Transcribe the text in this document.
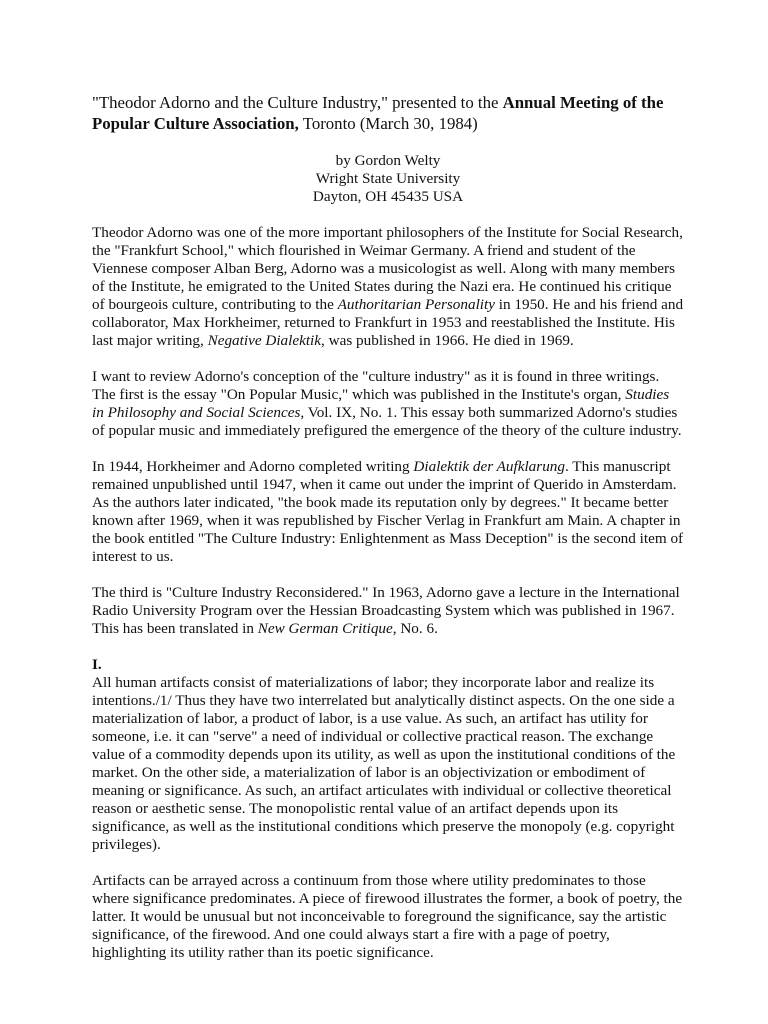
"Theodor Adorno and the Culture Industry," presented to the Annual Meeting of the Popular Culture Association, Toronto (March 30, 1984)
by Gordon Welty
Wright State University
Dayton, OH 45435 USA

Theodor Adorno was one of the more important philosophers of the Institute for Social Research, the "Frankfurt School," which flourished in Weimar Germany. A friend and student of the Viennese composer Alban Berg, Adorno was a musicologist as well. Along with many members of the Institute, he emigrated to the United States during the Nazi era. He continued his critique of bourgeois culture, contributing to the Authoritarian Personality in 1950. He and his friend and collaborator, Max Horkheimer, returned to Frankfurt in 1953 and reestablished the Institute. His last major writing, Negative Dialektik, was published in 1966. He died in 1969.

I want to review Adorno's conception of the "culture industry" as it is found in three writings. The first is the essay "On Popular Music," which was published in the Institute's organ, Studies in Philosophy and Social Sciences, Vol. IX, No. 1. This essay both summarized Adorno's studies of popular music and immediately prefigured the emergence of the theory of the culture industry.

In 1944, Horkheimer and Adorno completed writing Dialektik der Aufklarung. This manuscript remained unpublished until 1947, when it came out under the imprint of Querido in Amsterdam. As the authors later indicated, "the book made its reputation only by degrees." It became better known after 1969, when it was republished by Fischer Verlag in Frankfurt am Main. A chapter in the book entitled "The Culture Industry: Enlightenment as Mass Deception" is the second item of interest to us.

The third is "Culture Industry Reconsidered." In 1963, Adorno gave a lecture in the International Radio University Program over the Hessian Broadcasting System which was published in 1967. This has been translated in New German Critique, No. 6.

I.

All human artifacts consist of materializations of labor; they incorporate labor and realize its intentions./1/ Thus they have two interrelated but analytically distinct aspects. On the one side a materialization of labor, a product of labor, is a use value. As such, an artifact has utility for someone, i.e. it can "serve" a need of individual or collective practical reason. The exchange value of a commodity depends upon its utility, as well as upon the institutional conditions of the market. On the other side, a materialization of labor is an objectivization or embodiment of meaning or significance. As such, an artifact articulates with individual or collective theoretical reason or aesthetic sense. The monopolistic rental value of an artifact depends upon its significance, as well as the institutional conditions which preserve the monopoly (e.g. copyright privileges).

Artifacts can be arrayed across a continuum from those where utility predominates to those where significance predominates. A piece of firewood illustrates the former, a book of poetry, the latter. It would be unusual but not inconceivable to foreground the significance, say the artistic significance, of the firewood. And one could always start a fire with a page of poetry, highlighting its utility rather than its poetic significance.
